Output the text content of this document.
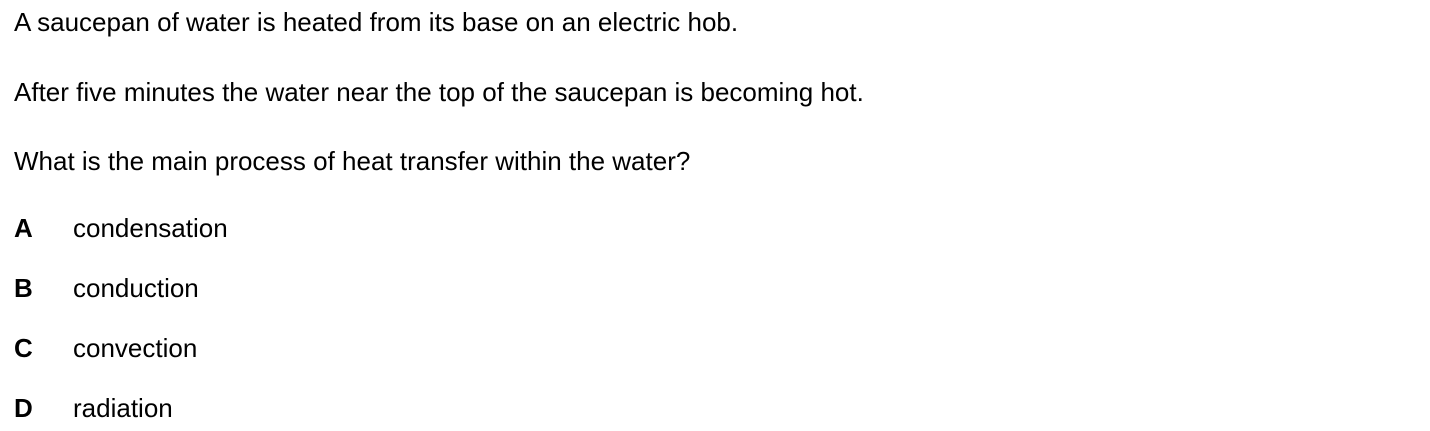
A saucepan of water is heated from its base on an electric hob.
After five minutes the water near the top of the saucepan is becoming hot.
What is the main process of heat transfer within the water?
A condensation
B conduction
C convection
D radiation
